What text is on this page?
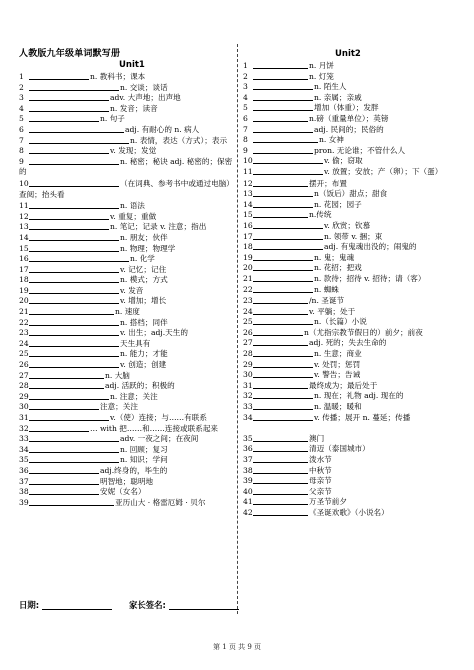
人教版九年级单词默写册
Unit1
1	n. 教科书；课本
2	n. 交谈；谈话
3	adv. 大声地；出声地
4	n. 发音；读音
5	n. 句子
6	adj. 有耐心的 n. 病人
7	n. 表情，表达（方式）；表示
8	v. 发现；发觉
9	n. 秘密；秘诀 adj. 秘密的；保密的
10	（在词典、参考书中或通过电脑）查阅；抬头看
11	n. 语法
12	v. 重复；重做
13	n. 笔记；记录 v. 注意；指出
14	n. 朋友；伙伴
15	n. 物理；物理学
16	n. 化学
17	v. 记忆；记住
18	n. 模式；方式
19	v. 发音
20	v. 增加；增长
21	n. 速度
22	n. 搭档；同伴
23	v. 出生；adj.天生的
24	天生具有
25	n. 能力；才能
26	v. 创造；创建
27	n. 大脑
28	adj. 活跃的；积极的
29	n. 注意；关注
30	注意；关注
31	v.（使）连接；与……有联系
32	… with 把……和……连接或联系起来
33	adv. 一夜之间；在夜间
34	n. 回顾；复习
35	n. 知识；学问
36	adj.终身的，毕生的
37	明智地；聪明地
38	安妮（女名）
39	亚历山大 · 格雷厄姆 · 贝尔
Unit2
1	n. 月饼
2	n. 灯笼
3	n. 陌生人
4	n. 亲属；亲戚
5	增加（体重）；发胖
6	n.磅（重量单位）；英镑
7	adj. 民间的；民俗的
8	n. 女神
9	pron. 无论谁；不管什么人
10	v. 偷；窃取
11	v. 放置；安放；产（卵）；下（蛋）
12	摆开；布置
13	n（饭后）甜点；甜食
14	n. 花园；园子
15	n.传统
16	v. 欣赏；钦慕
17	n. 领带 v. 捆；束
18	adj. 有鬼魂出没的；闹鬼的
19	n. 鬼；鬼魂
20	n. 花招；把戏
21	n. 款待；招待 v. 招待；请（客）
22	n. 蜘蛛
23	/n. 圣诞节
24	v. 平躺；处于
25	n.（长篇）小说
26	n（尤指宗教节假日的）前夕；前夜
27	adj. 死的；失去生命的
28	n. 生意；商业
29	v. 处罚；惩罚
30	v. 警告；告诫
31	最终成为；最后处于
32	n. 现在；礼物 adj. 现在的
33	n. 温暖；暖和
34	v. 传播；展开 n. 蔓延；传播
35	澳门
36	清迈（泰国城市）
37	泼水节
38	中秋节
39	母亲节
40	父亲节
41	万圣节前夕
42	《圣诞欢歌》（小说名）
日期:	家长签名:
第 1 页 共 9 页
